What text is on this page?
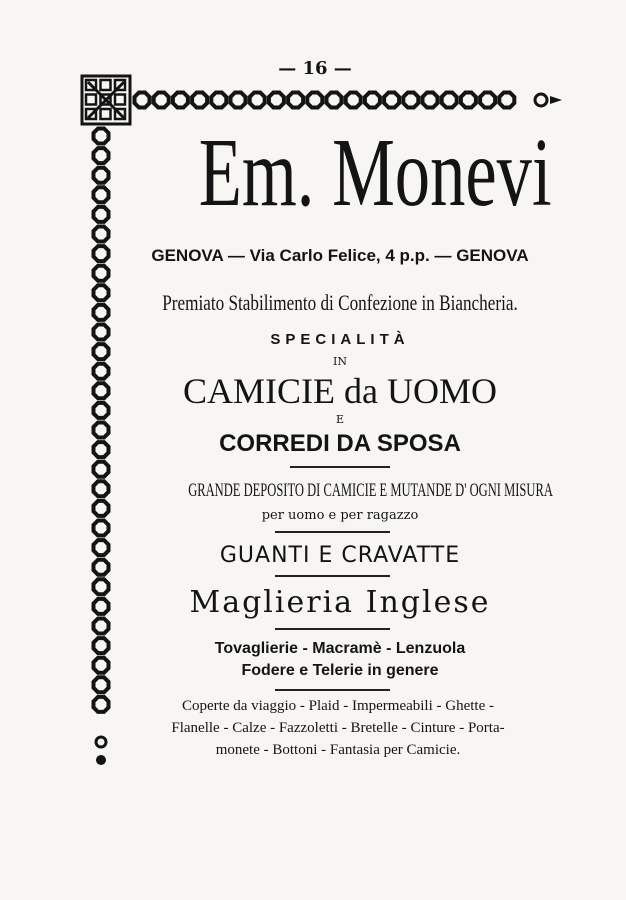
— 16 —
Em. Monevi
GENOVA — Via Carlo Felice, 4 p.p. — GENOVA
Premiato Stabilimento di Confezione in Biancheria.
SPECIALITÀ
IN
CAMICIE da UOMO
E
CORREDI DA SPOSA
GRANDE DEPOSITO DI CAMICIE E MUTANDE D' OGNI MISURA
per uomo e per ragazzo
GUANTI E CRAVATTE
Maglieria Inglese
Tovaglierie - Macramè - Lenzuola
Fodere e Telerie in genere
Coperte da viaggio - Plaid - Impermeabili - Ghette -
Flanelle - Calze - Fazzoletti - Bretelle - Cinture - Porta-
monete - Bottoni - Fantasia per Camicie.
